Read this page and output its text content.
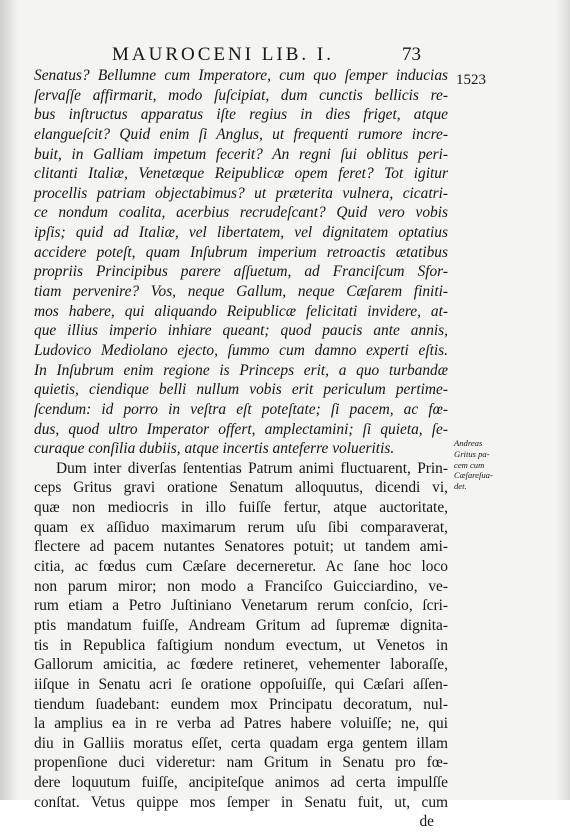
MAUROCENI LIB. I.	73
1523
Senatus? Bellumne cum Imperatore, cum quo ſemper inducias
ſervaſſe affirmarit, modo ſuſcipiat, dum cunctis bellicis re-
bus inſtructus apparatus iſte regius in dies friget, atque
elangueſcit? Quid enim ſi Anglus, ut frequenti rumore incre-
buit, in Galliam impetum fecerit? An regni ſui oblitus peri-
clitanti Italiæ, Venetæque Reipublicæ opem feret? Tot igitur
procellis patriam objectabimus? ut præterita vulnera, cicatri-
ce nondum coalita, acerbius recrudeſcant? Quid vero vobis
ipſis; quid ad Italiæ, vel libertatem, vel dignitatem optatius
accidere poteſt, quam Inſubrum imperium retroactis ætatibus
propriis Principibus parere aſſuetum, ad Franciſcum Sfor-
tiam pervenire? Vos, neque Gallum, neque Cæſarem finiti-
mos habere, qui aliquando Reipublicæ felicitati invidere, at-
que illius imperio inhiare queant; quod paucis ante annis,
Ludovico Mediolano ejecto, ſummo cum damno experti eſtis.
In Inſubrum enim regione is Princeps erit, a quo turbandæ
quietis, ciendique belli nullum vobis erit periculum pertime-
ſcendum: id porro in veſtra eſt poteſtate; ſi pacem, ac fœ-
dus, quod ultro Imperator offert, amplectamini; ſi quieta, ſe-
curaque conſilia dubiis, atque incertis anteferre volueritis.
Dum inter diverſas ſententias Patrum animi fluctuarent, Prin-
ceps Gritus gravi oratione Senatum alloquutus, dicendi vi,
quæ non mediocris in illo fuiſſe fertur, atque auctoritate,
quam ex aſſiduo maximarum rerum uſu ſibi comparaverat,
flectere ad pacem nutantes Senatores potuit; ut tandem ami-
citia, ac fœdus cum Cæſare decerneretur. Ac ſane hoc loco
non parum miror; non modo a Franciſco Guicciardino, ve-
rum etiam a Petro Juſtiniano Venetarum rerum conſcio, ſcri-
ptis mandatum fuiſſe, Andream Gritum ad ſupremæ dignita-
tis in Republica faſtigium nondum evectum, ut Venetos in
Gallorum amicitia, ac fœdere retineret, vehementer laboraſſe,
iiſque in Senatu acri ſe oratione oppoſuiſſe, qui Cæſari aſſen-
tiendum ſuadebant: eundem mox Principatu decoratum, nul-
la amplius ea in re verba ad Patres habere voluiſſe; ne, qui
diu in Galliis moratus eſſet, certa quadam erga gentem illam
propenſione duci videretur: nam Gritum in Senatu pro fœ-
dere loquutum fuiſſe, ancipiteſque animos ad certa impulſſe
conſtat. Vetus quippe mos ſemper in Senatu fuit, ut, cum
de
Andreas
Gritus pa-
cem cum
Cæſareſua-
det.
